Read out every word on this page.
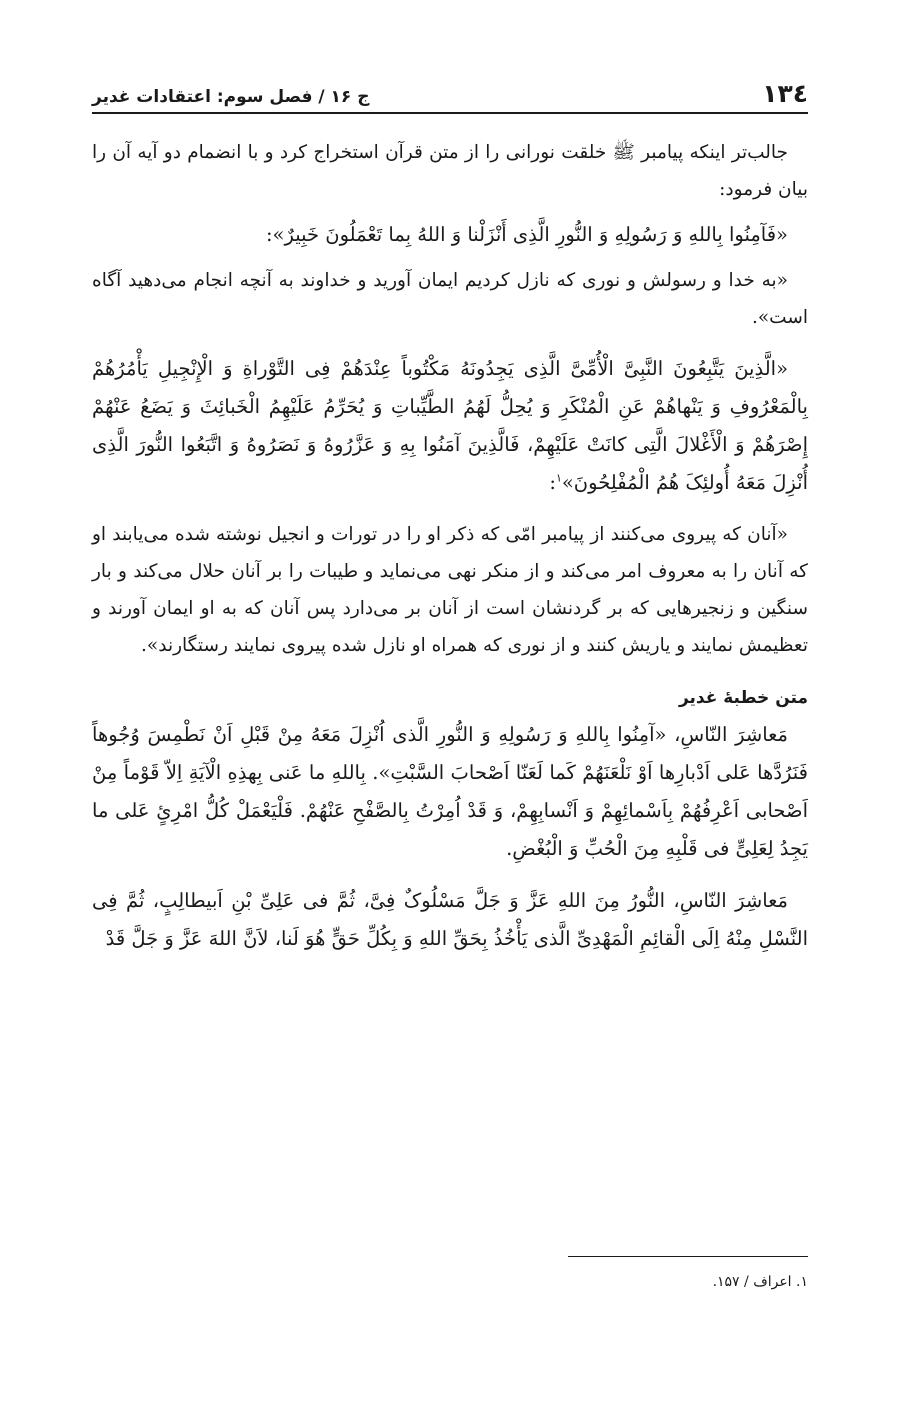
۱۳٤
ج ۱۶ / فصل سوم: اعتقادات غدیر

جالب‌تر اینکه پیامبر ﷺ خلقت نورانی را از متن قرآن استخراج کرد و با انضمام دو آیه آن را بیان فرمود:

«فَآمِنُوا بِاللهِ وَ رَسُولِهِ وَ النُّورِ الَّذِی أَنْزَلْنا وَ اللهُ بِما تَعْمَلُونَ خَبِیرٌ»:

«به خدا و رسولش و نوری که نازل کردیم ایمان آورید و خداوند به آنچه انجام می‌دهید آگاه است».

«الَّذِینَ یَتَّبِعُونَ النَّبِیَّ الْأُمِّیَّ الَّذِی یَجِدُونَهُ مَکْتُوباً عِنْدَهُمْ فِی التَّوْراةِ وَ الْإِنْجِیلِ یَأْمُرُهُمْ بِالْمَعْرُوفِ وَ یَنْهاهُمْ عَنِ الْمُنْکَرِ وَ یُحِلُّ لَهُمُ الطَّیِّباتِ وَ یُحَرِّمُ عَلَیْهِمُ الْخَبائِثَ وَ یَضَعُ عَنْهُمْ إِصْرَهُمْ وَ الْأَغْلالَ الَّتِی کانَتْ عَلَیْهِمْ، فَالَّذِینَ آمَنُوا بِهِ وَ عَزَّرُوهُ وَ نَصَرُوهُ وَ اتَّبَعُوا النُّورَ الَّذِی أُنْزِلَ مَعَهُ أُولئِکَ هُمُ الْمُفْلِحُونَ»$^۱$:

«آنان که پیروی می‌کنند از پیامبر امّی که ذکر او را در تورات و انجیل نوشته شده می‌یابند او که آنان را به معروف امر می‌کند و از منکر نهی می‌نماید و طیبات را بر آنان حلال می‌کند و بار سنگین و زنجیرهایی که بر گردنشان است از آنان بر می‌دارد پس آنان که به او ایمان آورند و تعظیمش نمایند و یاریش کنند و از نوری که همراه او نازل شده پیروی نمایند رستگارند».

متن خطبهٔ غدیر

مَعاشِرَ النّاسِ، «آمِنُوا بِاللهِ وَ رَسُولِهِ وَ النُّورِ الَّذی اُنْزِلَ مَعَهُ مِنْ قَبْلِ اَنْ نَطْمِسَ وُجُوهاً فَنَرُدَّها عَلی اَدْبارِها اَوْ نَلْعَنَهُمْ کَما لَعَنّا اَصْحابَ السَّبْتِ». بِاللهِ ما عَنی بِهذِهِ الْآیَةِ اِلاّ قَوْماً مِنْ اَصْحابی اَعْرِفُهُمْ بِاَسْمائِهِمْ وَ اَنْسابِهِمْ، وَ قَدْ اُمِرْتُ بِالصَّفْحِ عَنْهُمْ. فَلْیَعْمَلْ کُلُّ امْرِئٍ عَلی ما یَجِدُ لِعَلِیٍّ فی قَلْبِهِ مِنَ الْحُبِّ وَ الْبُغْضِ.

مَعاشِرَ النّاسِ، النُّورُ مِنَ اللهِ عَزَّ وَ جَلَّ مَسْلُوکٌ فِیَّ، ثُمَّ فی عَلِیِّ بْنِ اَبیطالِبٍ، ثُمَّ فِی النَّسْلِ مِنْهُ اِلَی الْقائِمِ الْمَهْدِیِّ الَّذی یَأْخُذُ بِحَقِّ اللهِ وَ بِکُلِّ حَقٍّ هُوَ لَنا، لاَنَّ اللهَ عَزَّ وَ جَلَّ قَدْ

۱. اعراف / ۱۵۷.
